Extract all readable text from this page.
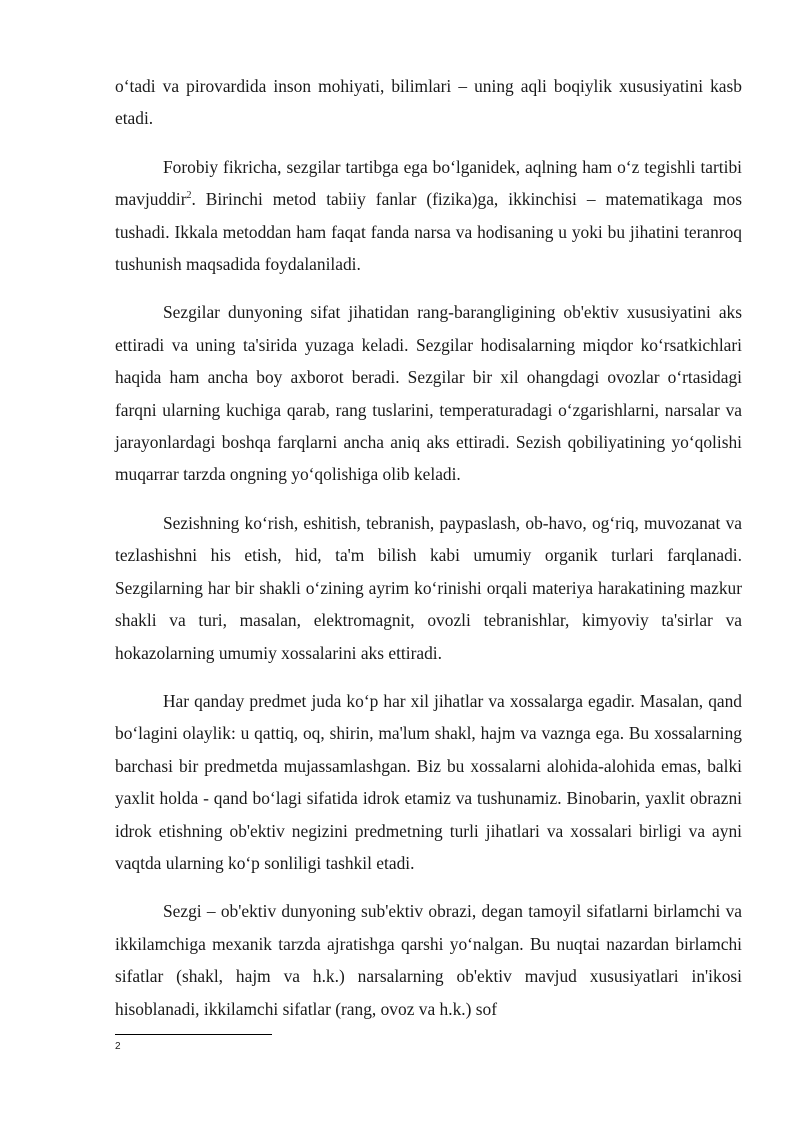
o‘tadi va pirovardida inson mohiyati, bilimlari – uning aqli boqiylik xususiyatini kasb etadi.

Forobiy fikricha, sezgilar tartibga ega bo‘lganidek, aqlning ham o‘z tegishli tartibi mavjuddir$^2$. Birinchi metod tabiiy fanlar (fizika)ga, ikkinchisi – matematikaga mos tushadi. Ikkala metoddan ham faqat fanda narsa va hodisaning u yoki bu jihatini teranroq tushunish maqsadida foydalaniladi.

Sezgilar dunyoning sifat jihatidan rang-barangligining ob'ektiv xususiyatini aks ettiradi va uning ta'sirida yuzaga keladi. Sezgilar hodisalarning miqdor ko‘rsatkichlari haqida ham ancha boy axborot beradi. Sezgilar bir xil ohangdagi ovozlar o‘rtasidagi farqni ularning kuchiga qarab, rang tuslarini, temperaturadagi o‘zgarishlarni, narsalar va jarayonlardagi boshqa farqlarni ancha aniq aks ettiradi. Sezish qobiliyatining yo‘qolishi muqarrar tarzda ongning yo‘qolishiga olib keladi.

Sezishning ko‘rish, eshitish, tebranish, paypaslash, ob-havo, og‘riq, muvozanat va tezlashishni his etish, hid, ta'm bilish kabi umumiy organik turlari farqlanadi. Sezgilarning har bir shakli o‘zining ayrim ko‘rinishi orqali materiya harakatining mazkur shakli va turi, masalan, elektromagnit, ovozli tebranishlar, kimyoviy ta'sirlar va hokazolarning umumiy xossalarini aks ettiradi.

Har qanday predmet juda ko‘p har xil jihatlar va xossalarga egadir. Masalan, qand bo‘lagini olaylik: u qattiq, oq, shirin, ma'lum shakl, hajm va vaznga ega. Bu xossalarning barchasi bir predmetda mujassamlashgan. Biz bu xossalarni alohida-alohida emas, balki yaxlit holda - qand bo‘lagi sifatida idrok etamiz va tushunamiz. Binobarin, yaxlit obrazni idrok etishning ob'ektiv negizini predmetning turli jihatlari va xossalari birligi va ayni vaqtda ularning ko‘p sonliligi tashkil etadi.

Sezgi – ob'ektiv dunyoning sub'ektiv obrazi, degan tamoyil sifatlarni birlamchi va ikkilamchiga mexanik tarzda ajratishga qarshi yo‘nalgan. Bu nuqtai nazardan birlamchi sifatlar (shakl, hajm va h.k.) narsalarning ob'ektiv mavjud xususiyatlari in'ikosi hisoblanadi, ikkilamchi sifatlar (rang, ovoz va h.k.) sof

2
